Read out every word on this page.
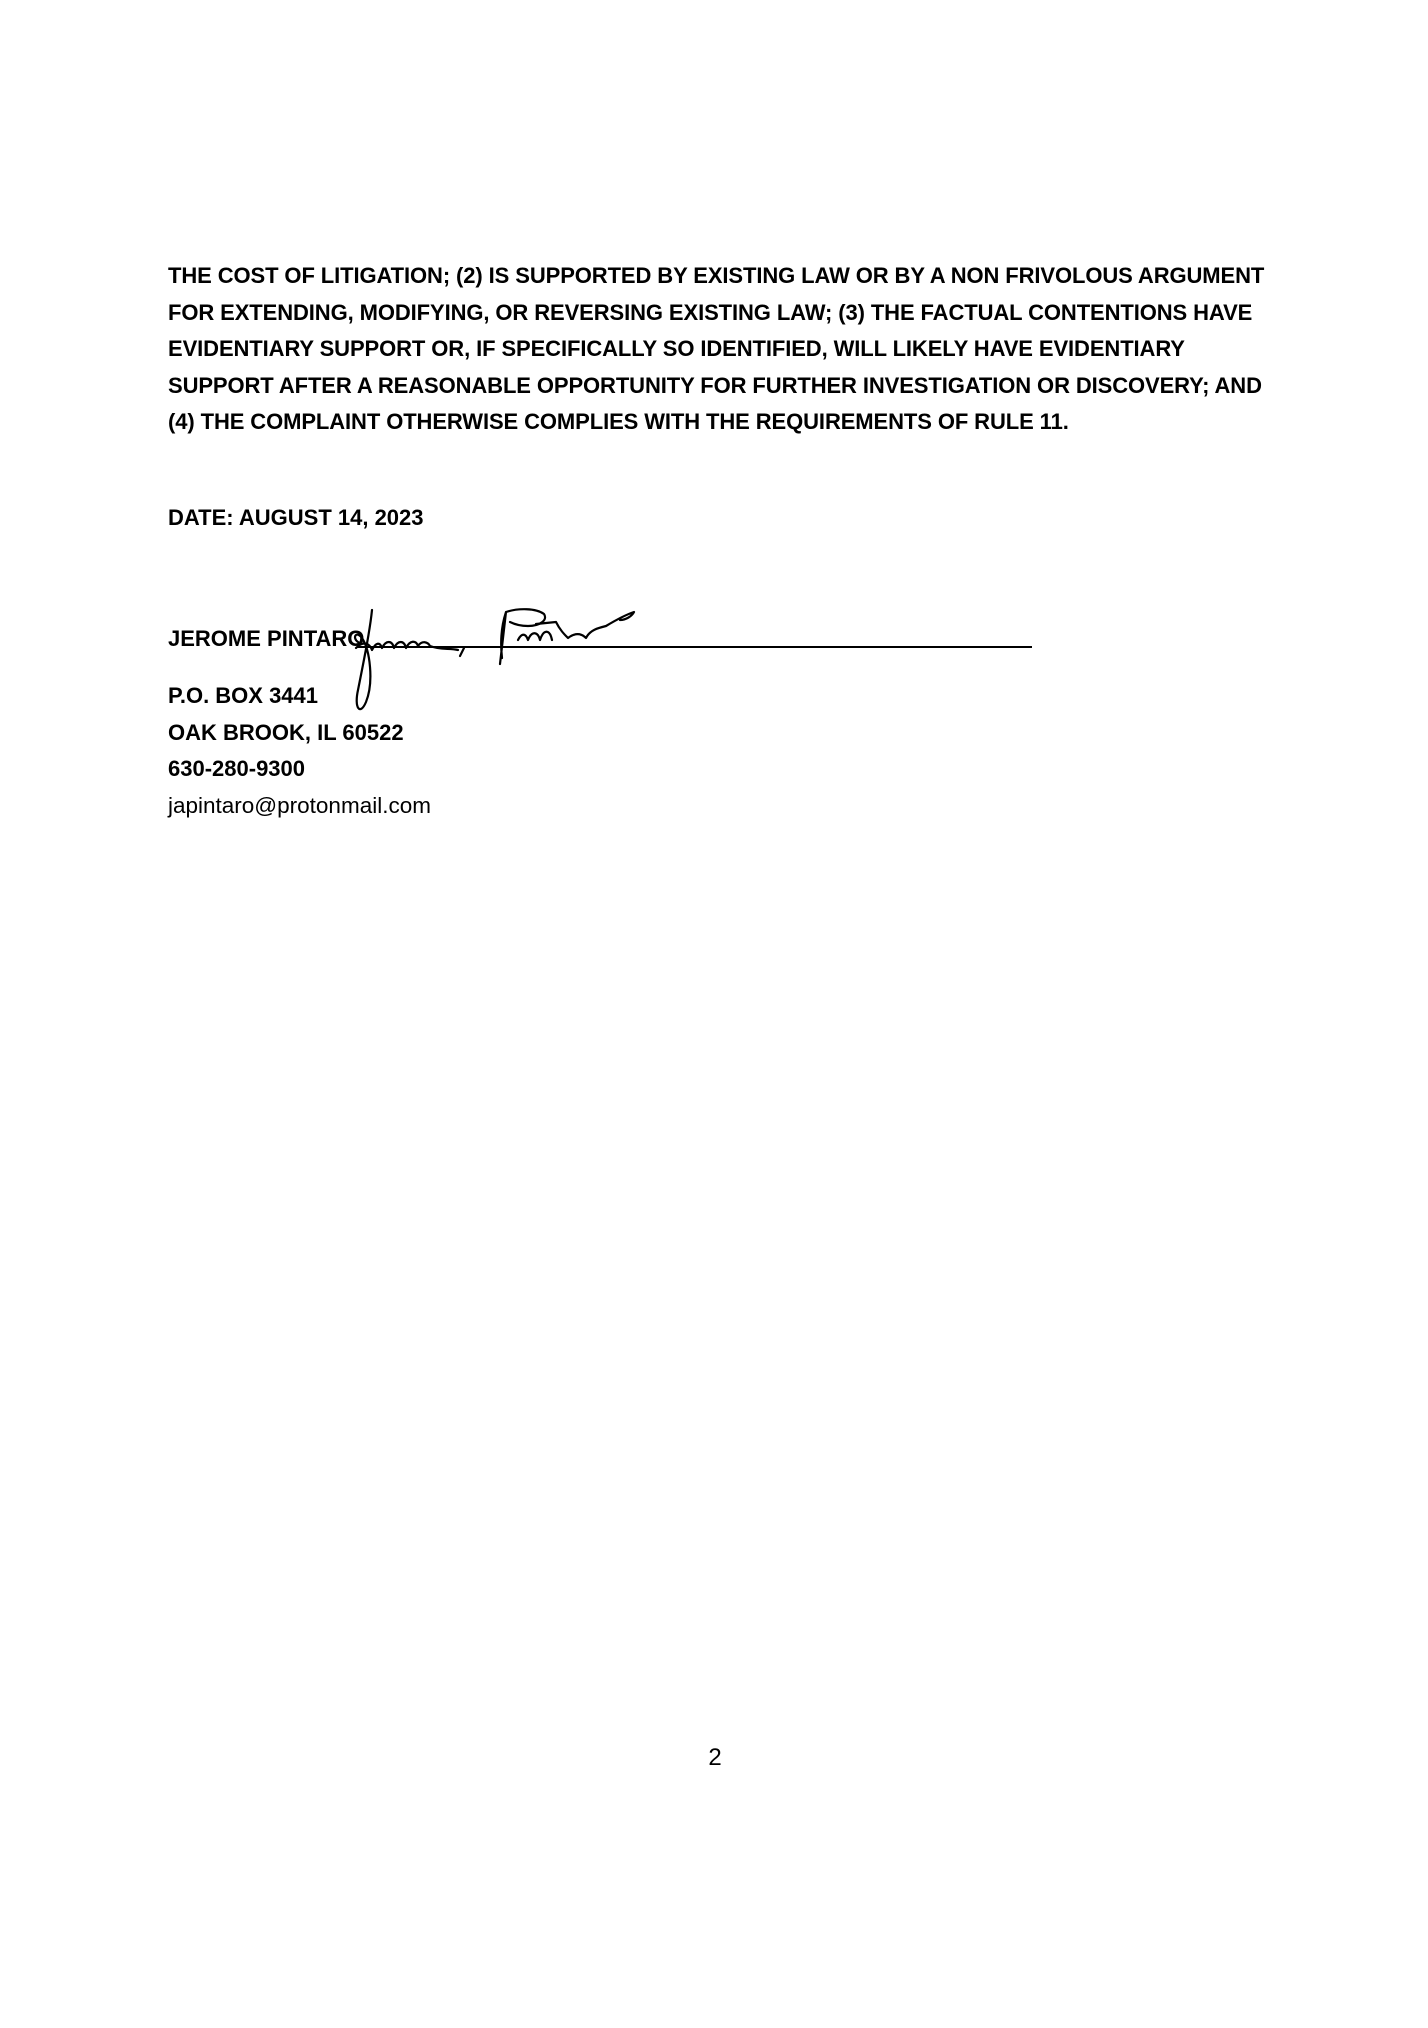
THE COST OF LITIGATION; (2) IS SUPPORTED BY EXISTING LAW OR BY A NON FRIVOLOUS ARGUMENT
FOR EXTENDING, MODIFYING, OR REVERSING EXISTING LAW; (3) THE FACTUAL CONTENTIONS HAVE
EVIDENTIARY SUPPORT OR, IF SPECIFICALLY SO IDENTIFIED, WILL LIKELY HAVE EVIDENTIARY
SUPPORT AFTER A REASONABLE OPPORTUNITY FOR FURTHER INVESTIGATION OR DISCOVERY; AND
(4) THE COMPLAINT OTHERWISE COMPLIES WITH THE REQUIREMENTS OF RULE 11.
DATE: AUGUST 14, 2023
JEROME PINTARO
P.O. BOX 3441
OAK BROOK, IL 60522
630-280-9300
japintaro@protonmail.com
2
